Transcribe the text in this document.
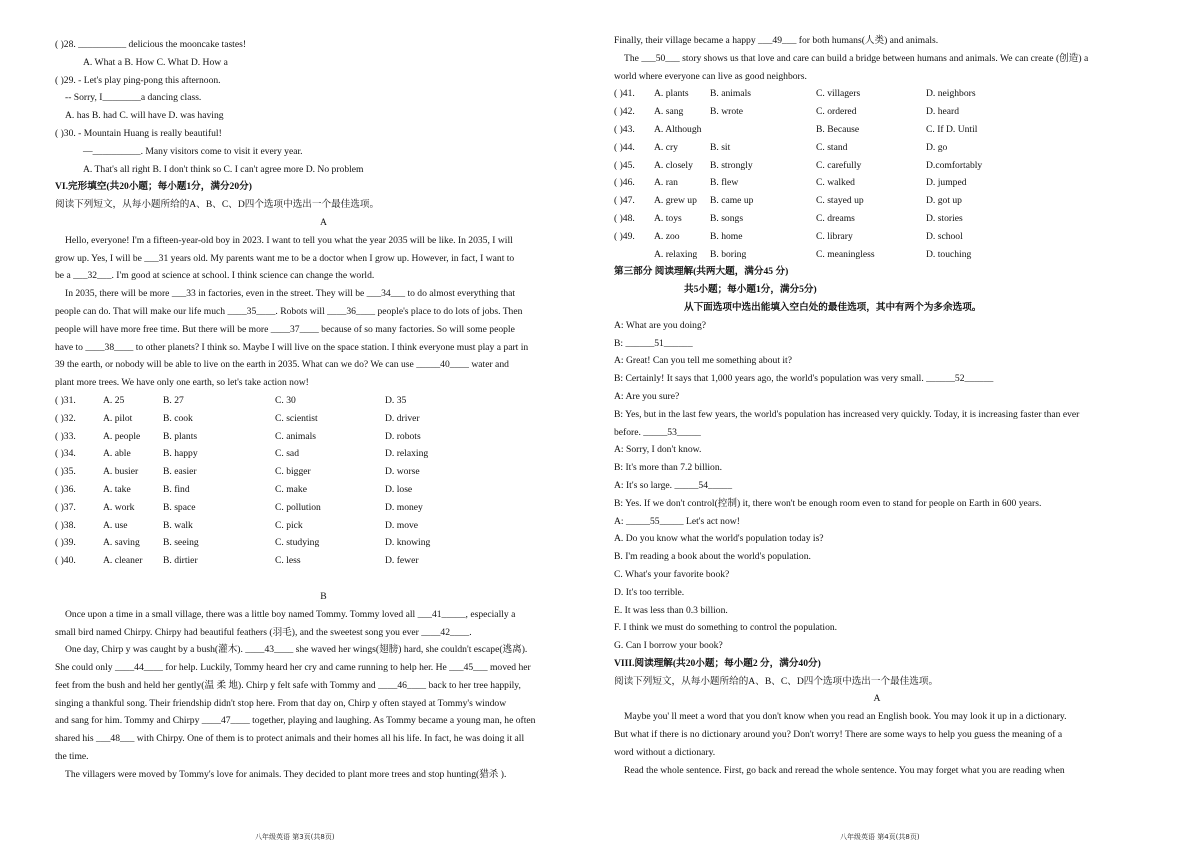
( )28. __________ delicious the mooncake tastes!
A. What a B. How C. What D. How a
( )29. - Let's play ping-pong this afternoon.
-- Sorry, I________a dancing class.
A. has B. had C. will have D. was having
( )30. - Mountain Huang is really beautiful!
—__________. Many visitors come to visit it every year.
A. That's all right B. I don't think so C. I can't agree more D. No problem
VI.完形填空(共20小题；每小题1分，满分20分)
阅读下列短文，从每小题所给的A、B、C、D四个选项中选出一个最佳选项。
A
Hello, everyone! I'm a fifteen-year-old boy in 2023. I want to tell you what the year 2035 will be like. In 2035, I will
grow up. Yes, I will be ___31 years old. My parents want me to be a doctor when I grow up. However, in fact, I want to
be a ___32___. I'm good at science at school. I think science can change the world.
In 2035, there will be more ___33 in factories, even in the street. They will be ___34___ to do almost everything that
people can do. That will make our life much ____35____. Robots will ____36____ people's place to do lots of jobs. Then
people will have more free time. But there will be more ____37____ because of so many factories. So will some people
have to ____38____ to other planets? I think so. Maybe I will live on the space station. I think everyone must play a part in
39 the earth, or nobody will be able to live on the earth in 2035. What can we do? We can use _____40____ water and
plant more trees. We have only one earth, so let's take action now!
( )31.	A. 25	B. 27	C. 30	D. 35
( )32.	A. pilot	B. cook	C. scientist	D. driver
( )33.	A. people B. plants	C. animals	D. robots
( )34.	A. able	B. happy	C. sad	D. relaxing
( )35.	A. busier	B. easier	C. bigger	D. worse
( )36.	A. take	B. find	C. make	D. lose
( )37.	A. work	B. space	C. pollution	D. money
( )38.	A. use	B. walk	C. pick	D. move
( )39.	A. saving B. seeing	C. studying	D. knowing
( )40.	A. cleaner B. dirtier	C. less	D. fewer
B
Once upon a time in a small village, there was a little boy named Tommy. Tommy loved all ___41_____, especially a
small bird named Chirpy. Chirpy had beautiful feathers (羽毛), and the sweetest song you ever ____42____.
One day, Chirp y was caught by a bush(灌木). ____43____ she waved her wings(翅膀) hard, she couldn't escape(逃离).
She could only ____44____ for help. Luckily, Tommy heard her cry and came running to help her. He ___45___ moved her
feet from the bush and held her gently(温 柔 地). Chirp y felt safe with Tommy and ____46____ back to her tree happily,
singing a thankful song. Their friendship didn't stop here. From that day on, Chirp y often stayed at Tommy's window
and sang for him. Tommy and Chirpy ____47____ together, playing and laughing. As Tommy became a young man, he often
shared his ___48___ with Chirpy. One of them is to protect animals and their homes all his life. In fact, he was doing it all
the time.
The villagers were moved by Tommy's love for animals. They decided to plant more trees and stop hunting(猎杀 ).
八年级英语 第3页(共8页)
Finally, their village became a happy ___49___ for both humans(人类) and animals.
The ___50___ story shows us that love and care can build a bridge between humans and animals. We can create (创造) a
world where everyone can live as good neighbors.
( )41. A. plants B. animals	C. villagers	D. neighbors
( )42. A. sang	B. wrote	C. ordered	D. heard
( )43. A. Although	B. Because	C. If D. Until
( )44. A. cry	B. sit	C. stand	D. go
( )45. A. closely B. strongly	C. carefully	D.comfortably
( )46. A. ran	B. flew	C. walked	D. jumped
( )47. A. grew up B. came up	C. stayed up	D. got up
( )48. A. toys	B. songs	C. dreams	D. stories
( )49. A. zoo	B. home	C. library	D. school
A. relaxing B. boring	C. meaningless	D. touching
第三部分 阅读理解(共两大题，满分45 分)
共5小题；每小题1分，满分5分)
从下面选项中选出能填入空白处的最佳选项，其中有两个为多余选项。
A: What are you doing?
B: ______51______
A: Great! Can you tell me something about it?
B: Certainly! It says that 1,000 years ago, the world's population was very small. ______52______
A: Are you sure?
B: Yes, but in the last few years, the world's population has increased very quickly. Today, it is increasing faster than ever
before. _____53_____
A: Sorry, I don't know.
B: It's more than 7.2 billion.
A: It's so large. _____54_____
B: Yes. If we don't control(控制) it, there won't be enough room even to stand for people on Earth in 600 years.
A: _____55_____ Let's act now!
A. Do you know what the world's population today is?
B. I'm reading a book about the world's population.
C. What's your favorite book?
D. It's too terrible.
E. It was less than 0.3 billion.
F. I think we must do something to control the population.
G. Can I borrow your book?
VIII.阅读理解(共20小题；每小题2 分，满分40分)
阅读下列短文，从每小题所给的A、B、C、D四个选项中选出一个最佳选项。
A
Maybe you' ll meet a word that you don't know when you read an English book. You may look it up in a dictionary.
But what if there is no dictionary around you? Don't worry! There are some ways to help you guess the meaning of a
word without a dictionary.
Read the whole sentence. First, go back and reread the whole sentence. You may forget what you are reading when
八年级英语 第4页(共8页)
